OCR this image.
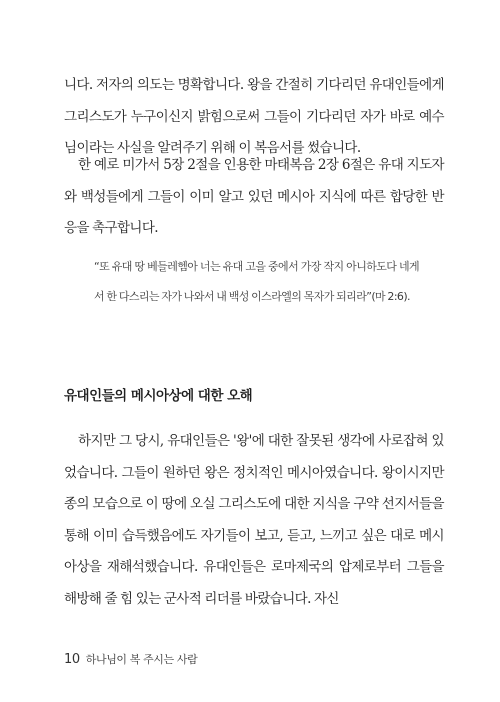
니다. 저자의 의도는 명확합니다. 왕을 간절히 기다리던 유대인들에게 그리스도가 누구이신지 밝힘으로써 그들이 기다리던 자가 바로 예수님이라는 사실을 알려주기 위해 이 복음서를 썼습니다.

한 예로 미가서 5장 2절을 인용한 마태복음 2장 6절은 유대 지도자와 백성들에게 그들이 이미 알고 있던 메시아 지식에 따른 합당한 반응을 촉구합니다.

“또 유대 땅 베들레헴아 너는 유대 고을 중에서 가장 작지 아니하도다 네게서 한 다스리는 자가 나와서 내 백성 이스라엘의 목자가 되리라”(마 2:6).

유대인들의 메시아상에 대한 오해

하지만 그 당시, 유대인들은 '왕'에 대한 잘못된 생각에 사로잡혀 있었습니다. 그들이 원하던 왕은 정치적인 메시아였습니다. 왕이시지만 종의 모습으로 이 땅에 오실 그리스도에 대한 지식을 구약 선지서들을 통해 이미 습득했음에도 자기들이 보고, 듣고, 느끼고 싶은 대로 메시아상을 재해석했습니다. 유대인들은 로마제국의 압제로부터 그들을 해방해 줄 힘 있는 군사적 리더를 바랐습니다. 자신

10 하나님이 복 주시는 사람
